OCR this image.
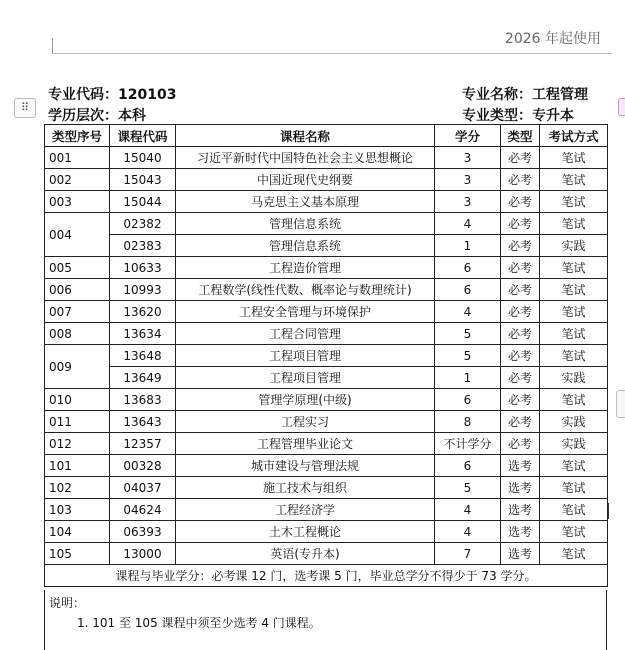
2026 年起使用
⠿
专业代码：120103
学历层次：本科
专业名称：工程管理
专业类型：专升本
类型序号	课程代码	课程名称	学分	类型	考试方式
001	15040	习近平新时代中国特色社会主义思想概论	3	必考	笔试
002	15043	中国近现代史纲要	3	必考	笔试
003	15044	马克思主义基本原理	3	必考	笔试
004	02382	管理信息系统	4	必考	笔试
	02383	管理信息系统	1	必考	实践
005	10633	工程造价管理	6	必考	笔试
006	10993	工程数学(线性代数、概率论与数理统计)	6	必考	笔试
007	13620	工程安全管理与环境保护	4	必考	笔试
008	13634	工程合同管理	5	必考	笔试
009	13648	工程项目管理	5	必考	笔试
	13649	工程项目管理	1	必考	实践
010	13683	管理学原理(中级)	6	必考	笔试
011	13643	工程实习	8	必考	实践
012	12357	工程管理毕业论文	不计学分	必考	实践
101	00328	城市建设与管理法规	6	选考	笔试
102	04037	施工技术与组织	5	选考	笔试
103	04624	工程经济学	4	选考	笔试
104	06393	土木工程概论	4	选考	笔试
105	13000	英语(专升本)	7	选考	笔试
课程与毕业学分：必考课 12 门，选考课 5 门，毕业总学分不得少于 73 学分。					
说明：
1. 101 至 105 课程中须至少选考 4 门课程。
